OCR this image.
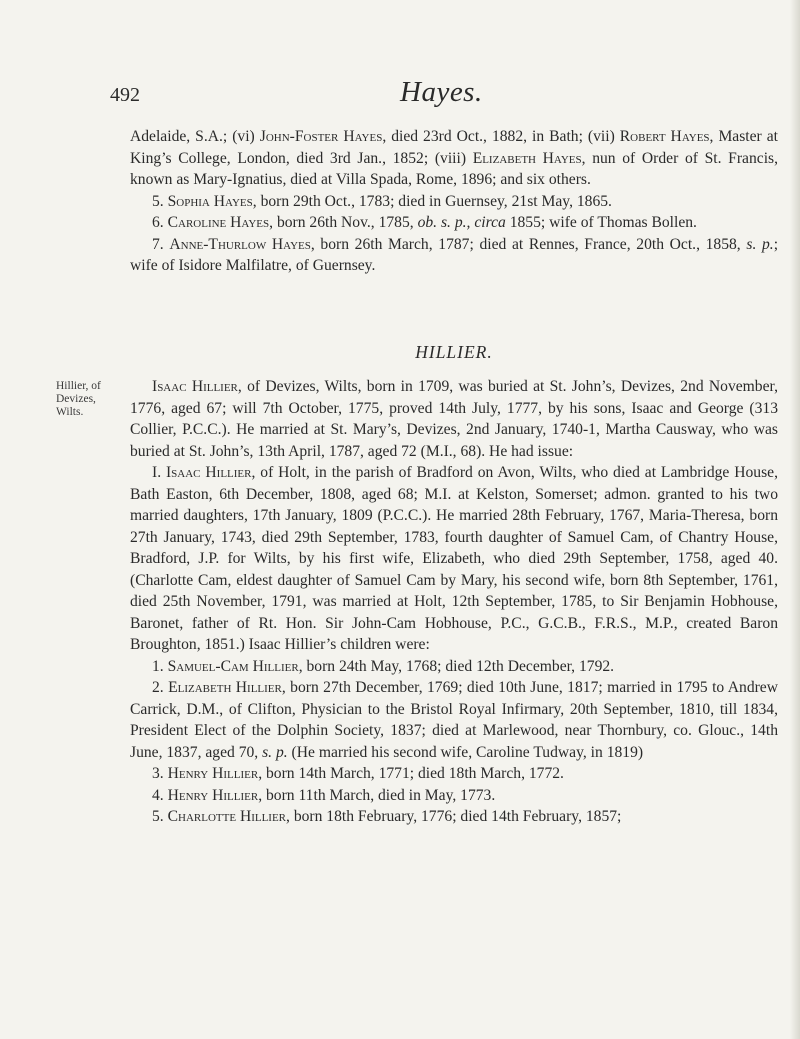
492	Hayes.

Adelaide, S.A.; (vi) John-Foster Hayes, died 23rd Oct., 1882, in Bath; (vii) Robert Hayes, Master at King’s College, London, died 3rd Jan., 1852; (viii) Elizabeth Hayes, nun of Order of St. Francis, known as Mary-Ignatius, died at Villa Spada, Rome, 1896; and six others.

5. Sophia Hayes, born 29th Oct., 1783; died in Guernsey, 21st May, 1865.

6. Caroline Hayes, born 26th Nov., 1785, ob. s. p., circa 1855; wife of Thomas Bollen.

7. Anne-Thurlow Hayes, born 26th March, 1787; died at Rennes, France, 20th Oct., 1858, s. p.; wife of Isidore Malfilatre, of Guernsey.

HILLIER.
Hillier, of Devizes, Wilts.

Isaac Hillier, of Devizes, Wilts, born in 1709, was buried at St. John’s, Devizes, 2nd November, 1776, aged 67; will 7th October, 1775, proved 14th July, 1777, by his sons, Isaac and George (313 Collier, P.C.C.). He married at St. Mary’s, Devizes, 2nd January, 1740-1, Martha Causway, who was buried at St. John’s, 13th April, 1787, aged 72 (M.I., 68). He had issue:

I. Isaac Hillier, of Holt, in the parish of Bradford on Avon, Wilts, who died at Lambridge House, Bath Easton, 6th December, 1808, aged 68; M.I. at Kelston, Somerset; admon. granted to his two married daughters, 17th January, 1809 (P.C.C.). He married 28th February, 1767, Maria-Theresa, born 27th January, 1743, died 29th September, 1783, fourth daughter of Samuel Cam, of Chantry House, Bradford, J.P. for Wilts, by his first wife, Elizabeth, who died 29th September, 1758, aged 40. (Charlotte Cam, eldest daughter of Samuel Cam by Mary, his second wife, born 8th September, 1761, died 25th November, 1791, was married at Holt, 12th September, 1785, to Sir Benjamin Hobhouse, Baronet, father of Rt. Hon. Sir John-Cam Hobhouse, P.C., G.C.B., F.R.S., M.P., created Baron Broughton, 1851.) Isaac Hillier’s children were:

1. Samuel-Cam Hillier, born 24th May, 1768; died 12th December, 1792.

2. Elizabeth Hillier, born 27th December, 1769; died 10th June, 1817; married in 1795 to Andrew Carrick, D.M., of Clifton, Physician to the Bristol Royal Infirmary, 20th September, 1810, till 1834, President Elect of the Dolphin Society, 1837; died at Marlewood, near Thornbury, co. Glouc., 14th June, 1837, aged 70, s. p. (He married his second wife, Caroline Tudway, in 1819)

3. Henry Hillier, born 14th March, 1771; died 18th March, 1772.

4. Henry Hillier, born 11th March, died in May, 1773.

5. Charlotte Hillier, born 18th February, 1776; died 14th February, 1857;
